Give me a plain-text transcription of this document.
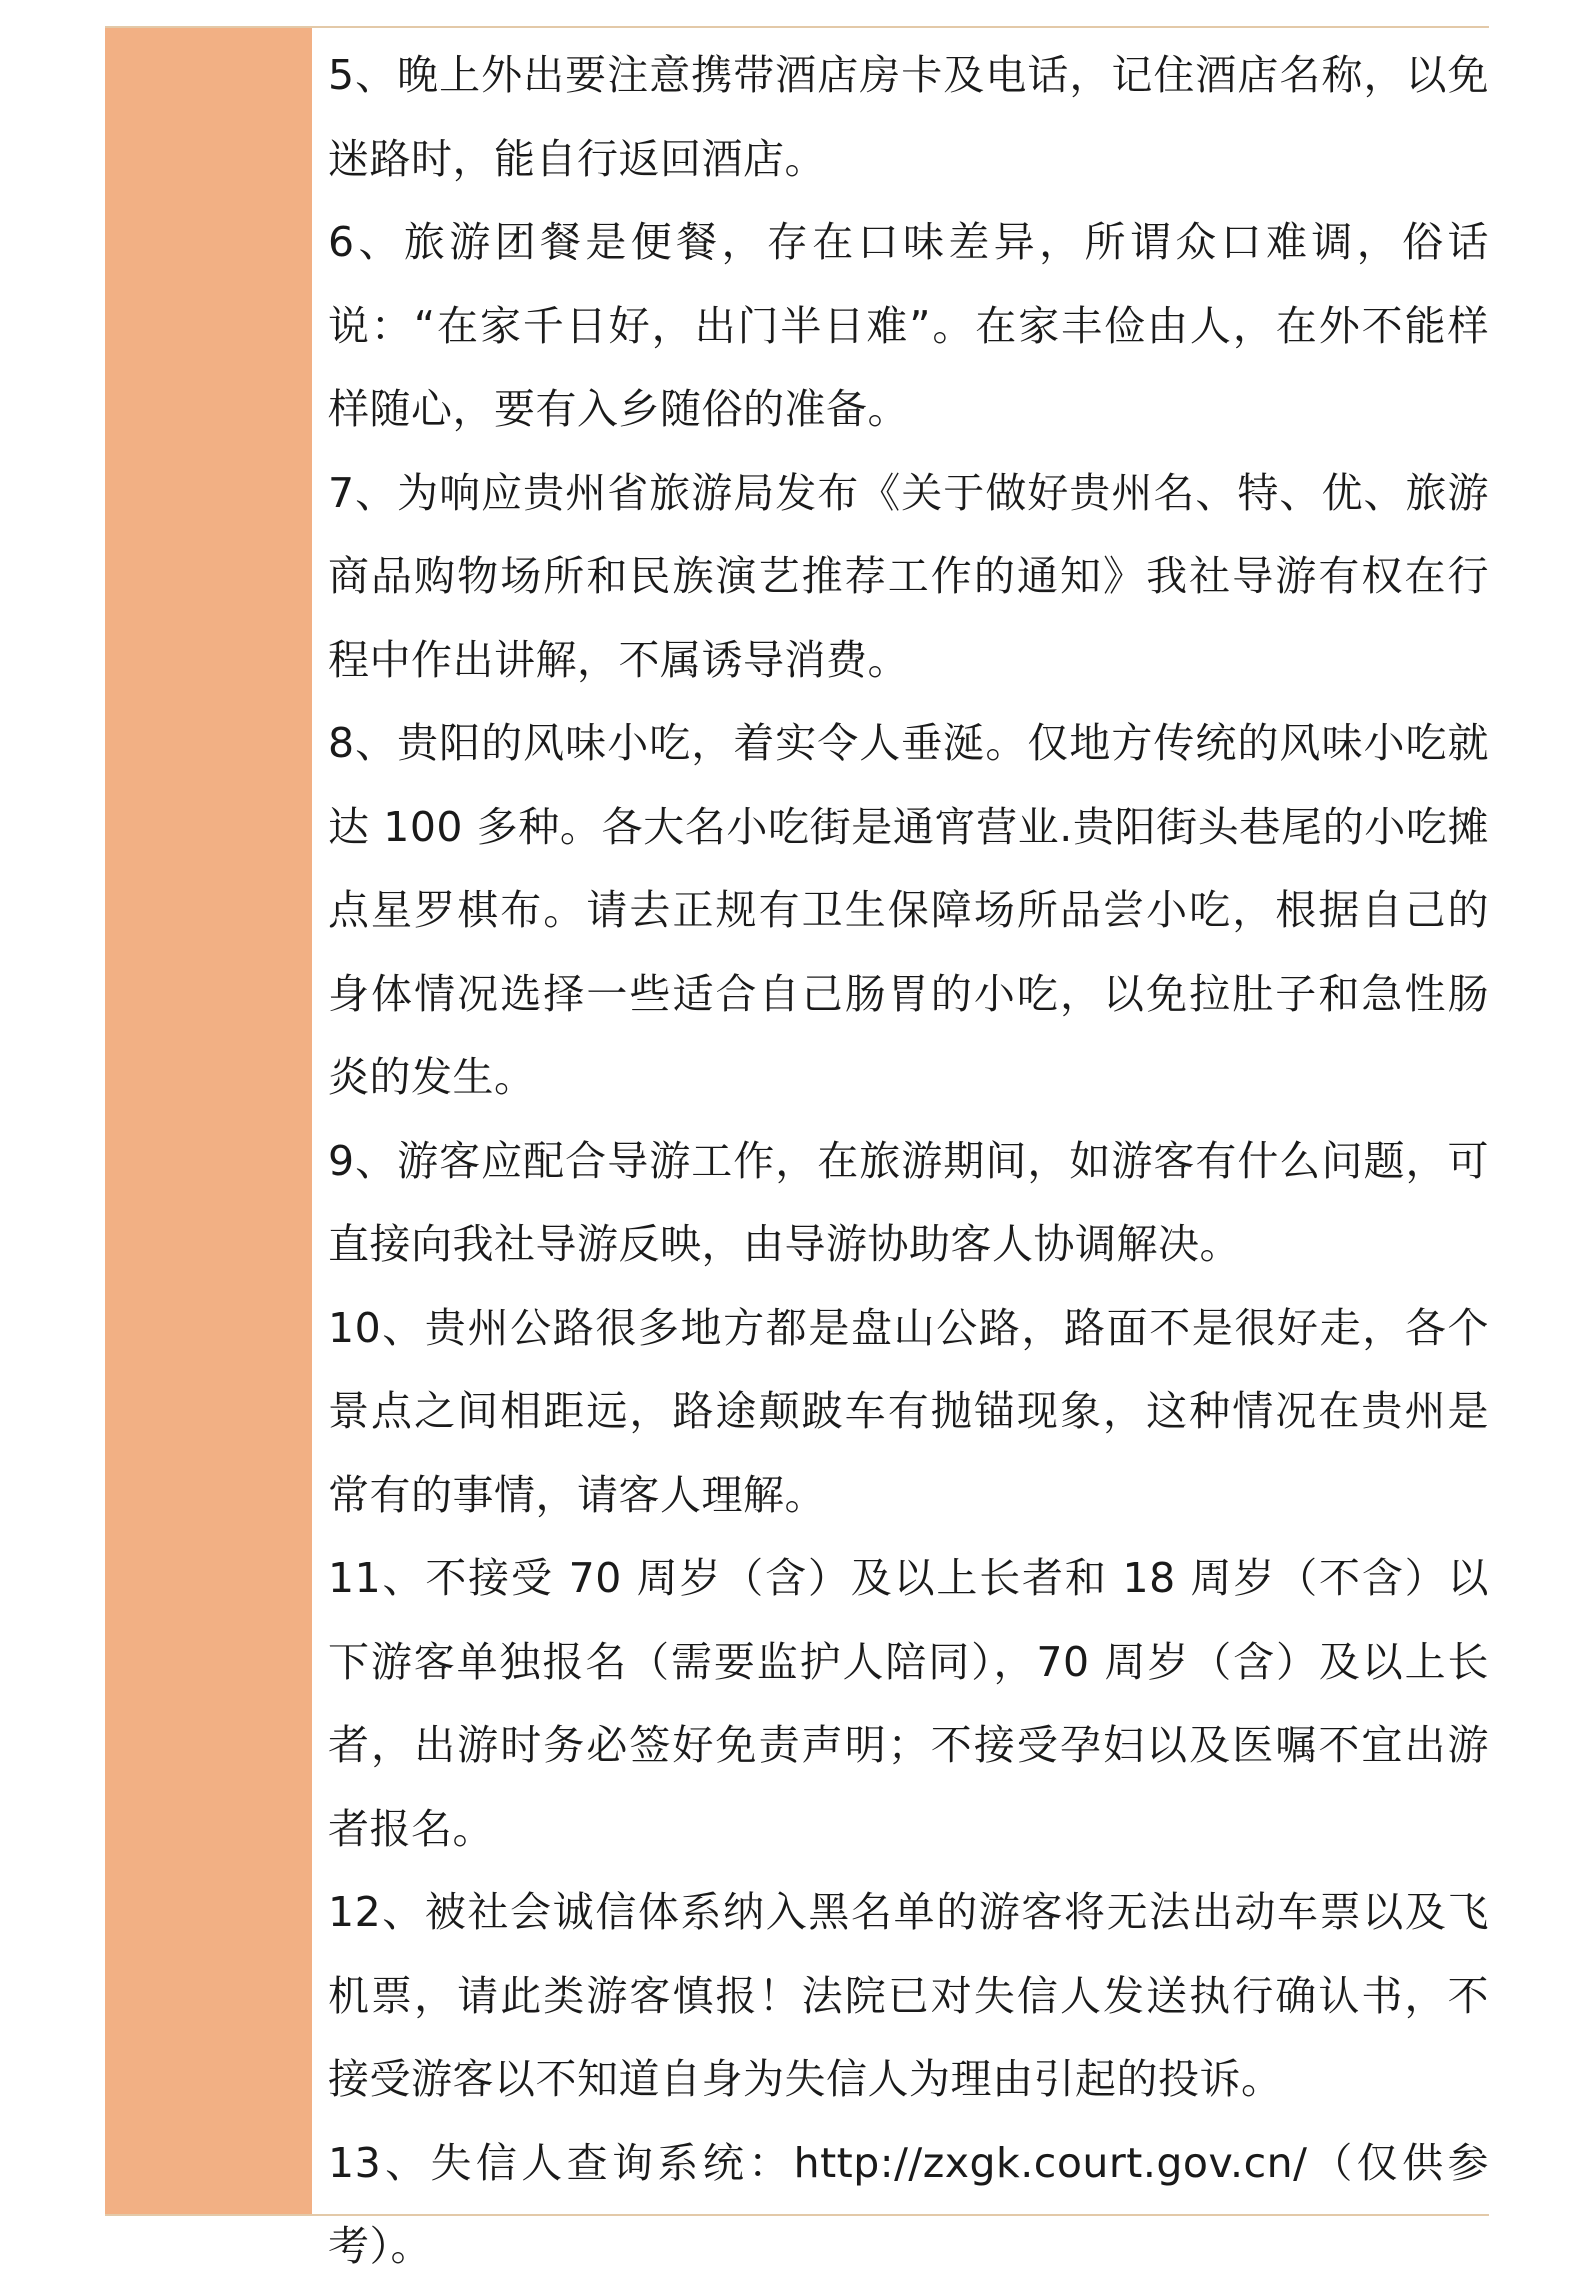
5、晚上外出要注意携带酒店房卡及电话，记住酒店名称，以免迷路时，能自行返回酒店。
6、旅游团餐是便餐，存在口味差异，所谓众口难调，俗话说：“在家千日好，出门半日难”。在家丰俭由人，在外不能样样随心，要有入乡随俗的准备。
7、为响应贵州省旅游局发布《关于做好贵州名、特、优、旅游商品购物场所和民族演艺推荐工作的通知》我社导游有权在行程中作出讲解，不属诱导消费。
8、贵阳的风味小吃，着实令人垂涎。仅地方传统的风味小吃就达 100 多种。各大名小吃街是通宵营业.贵阳街头巷尾的小吃摊点星罗棋布。请去正规有卫生保障场所品尝小吃，根据自己的身体情况选择一些适合自己肠胃的小吃，以免拉肚子和急性肠炎的发生。
9、游客应配合导游工作，在旅游期间，如游客有什么问题，可直接向我社导游反映，由导游协助客人协调解决。
10、贵州公路很多地方都是盘山公路，路面不是很好走，各个景点之间相距远，路途颠跛车有抛锚现象，这种情况在贵州是常有的事情，请客人理解。
11、不接受 70 周岁（含）及以上长者和 18 周岁（不含）以下游客单独报名（需要监护人陪同），70 周岁（含）及以上长者，出游时务必签好免责声明；不接受孕妇以及医嘱不宜出游者报名。
12、被社会诚信体系纳入黑名单的游客将无法出动车票以及飞机票，请此类游客慎报！法院已对失信人发送执行确认书，不接受游客以不知道自身为失信人为理由引起的投诉。
13、失信人查询系统：http://zxgk.court.gov.cn/（仅供参考）。
